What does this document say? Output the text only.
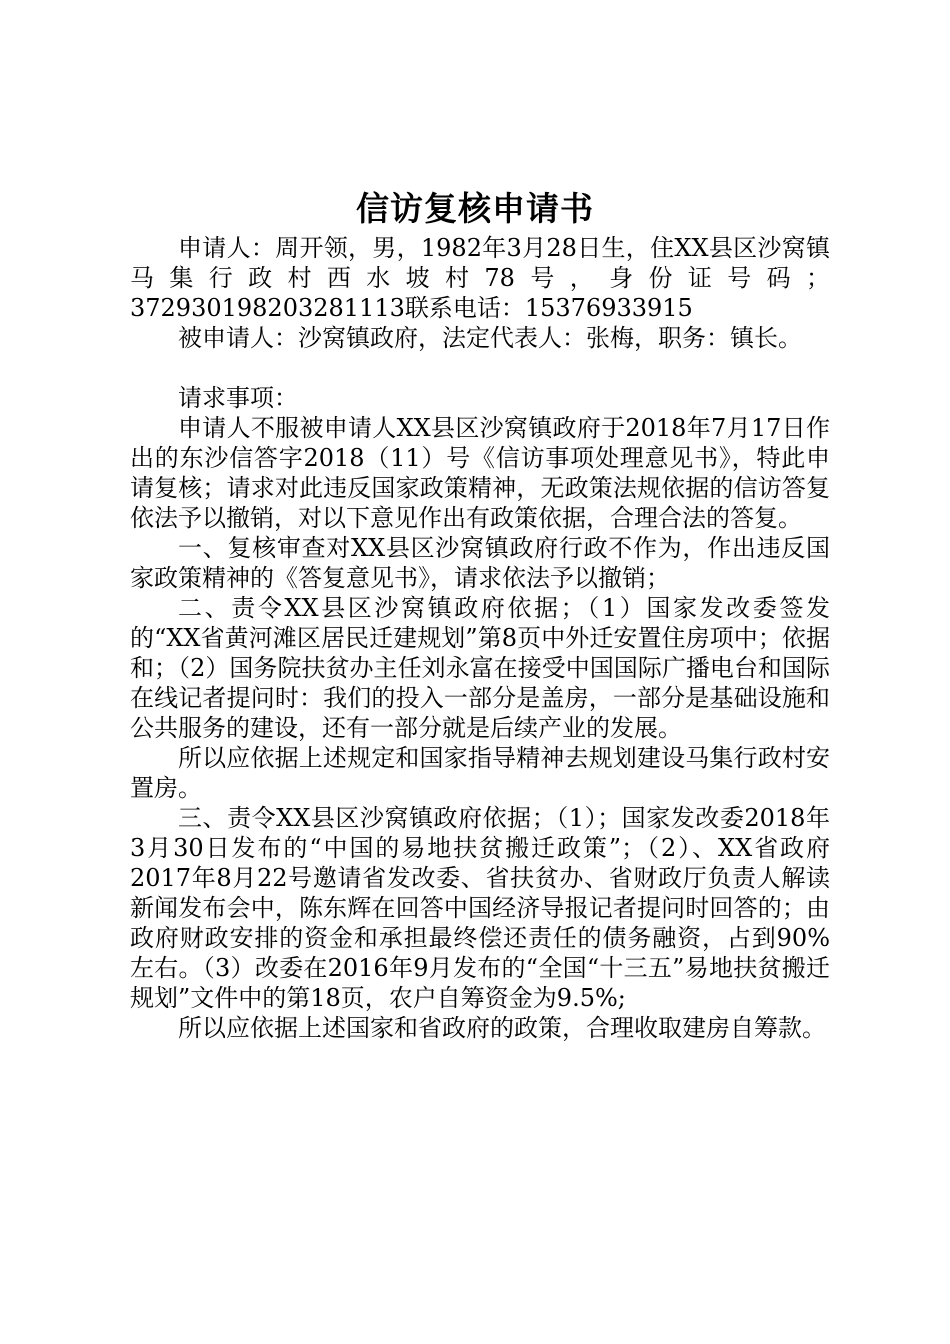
信访复核申请书

申请人：周开领，男，1982年3月28日生，住XX县区沙窝镇马集行政村西水坡村78号，身份证号码；372930198203281113联系电话：15376933915

被申请人：沙窝镇政府，法定代表人：张梅，职务：镇长。

请求事项：

申请人不服被申请人XX县区沙窝镇政府于2018年7月17日作出的东沙信答字2018（11）号《信访事项处理意见书》，特此申请复核；请求对此违反国家政策精神，无政策法规依据的信访答复依法予以撤销，对以下意见作出有政策依据，合理合法的答复。

一、复核审查对XX县区沙窝镇政府行政不作为，作出违反国家政策精神的《答复意见书》，请求依法予以撤销；

二、责令XX县区沙窝镇政府依据；（1）国家发改委签发的“XX省黄河滩区居民迁建规划”第8页中外迁安置住房项中；依据和；（2）国务院扶贫办主任刘永富在接受中国国际广播电台和国际在线记者提问时：我们的投入一部分是盖房，一部分是基础设施和公共服务的建设，还有一部分就是后续产业的发展。

所以应依据上述规定和国家指导精神去规划建设马集行政村安置房。

三、责令XX县区沙窝镇政府依据；（1）；国家发改委2018年3月30日发布的“中国的易地扶贫搬迁政策”；（2）、XX省政府2017年8月22号邀请省发改委、省扶贫办、省财政厅负责人解读新闻发布会中，陈东辉在回答中国经济导报记者提问时回答的；由政府财政安排的资金和承担最终偿还责任的债务融资，占到90%左右。（3）改委在2016年9月发布的“全国“十三五”易地扶贫搬迁规划”文件中的第18页，农户自筹资金为9.5%;

所以应依据上述国家和省政府的政策，合理收取建房自筹款。
